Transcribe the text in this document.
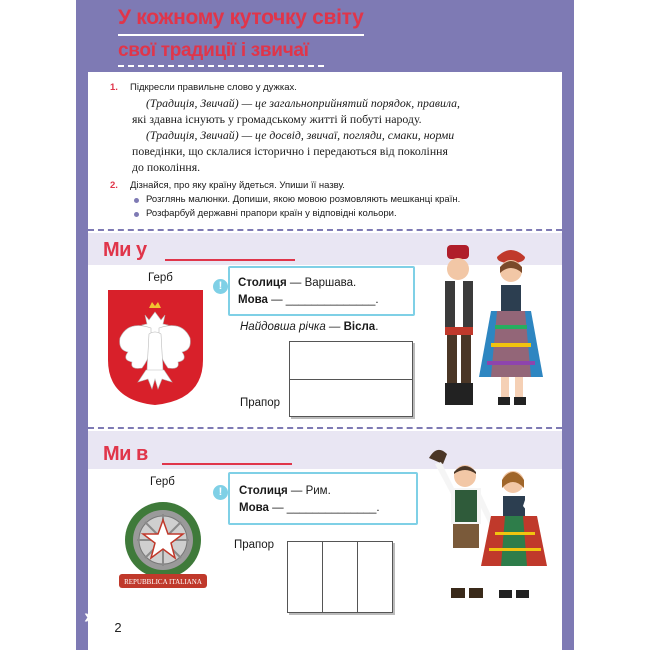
У кожному куточку світу
свої традиції і звичаї
1. Підкресли правильне слово у дужках.
(Традиція, Звичай) — це загальноприйнятий порядок, правила,
які здавна існують у громадському житті й побуті народу.
(Традиція, Звичай) — це досвід, звичаї, погляди, смаки, норми
поведінки, що склалися історично і передаються від покоління
до покоління.
2. Дізнайся, про яку країну йдеться. Упиши її назву.
Розглянь малюнки. Допиши, якою мовою розмовляють мешканці країн.
Розфарбуй державні прапори країн у відповідні кольори.
Ми у
Герб
!	Столиця — Варшава.
Мова — ______________.
Найдовша річка — Вісла.
Прапор
Ми в
Герб
REPUBBLICA ITALIANA
!	Столиця — Рим.
Мова — ______________.
Прапор
›	2
